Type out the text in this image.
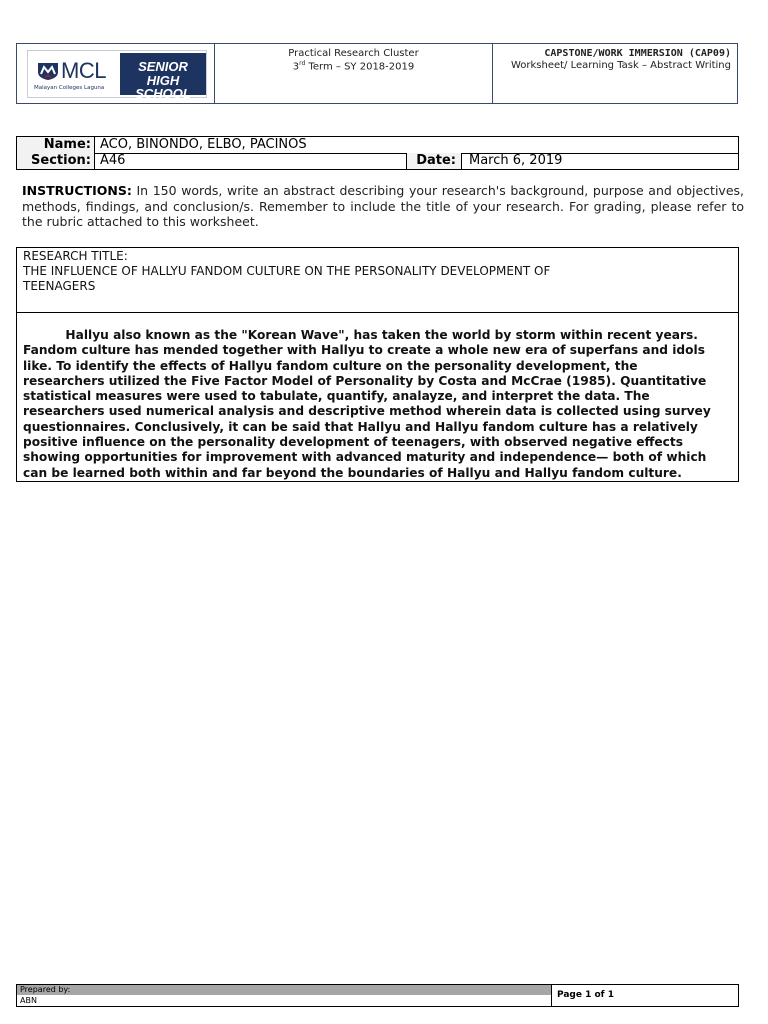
MCL
Malayan Colleges Laguna
SENIOR
HIGH SCHOOL
Practical Research Cluster
3rd Term – SY 2018-2019
CAPSTONE/WORK IMMERSION (CAP09)
Worksheet/ Learning Task – Abstract Writing
Name: ACO, BINONDO, ELBO, PACINOS
Section: A46	Date:	March 6, 2019
INSTRUCTIONS: In 150 words, write an abstract describing your research's background, purpose and objectives, methods, findings, and conclusion/s. Remember to include the title of your research. For grading, please refer to the rubric attached to this worksheet.
RESEARCH TITLE:
THE INFLUENCE OF HALLYU FANDOM CULTURE ON THE PERSONALITY DEVELOPMENT OF
TEENAGERS
Hallyu also known as the "Korean Wave", has taken the world by storm within recent years.
Fandom culture has mended together with Hallyu to create a whole new era of superfans and idols
like. To identify the effects of Hallyu fandom culture on the personality development, the
researchers utilized the Five Factor Model of Personality by Costa and McCrae (1985). Quantitative
statistical measures were used to tabulate, quantify, analayze, and interpret the data. The
researchers used numerical analysis and descriptive method wherein data is collected using survey
questionnaires. Conclusively, it can be said that Hallyu and Hallyu fandom culture has a relatively
positive influence on the personality development of teenagers, with observed negative effects
showing opportunities for improvement with advanced maturity and independence— both of which
can be learned both within and far beyond the boundaries of Hallyu and Hallyu fandom culture.
Prepared by:
ABN
Page 1 of 1
